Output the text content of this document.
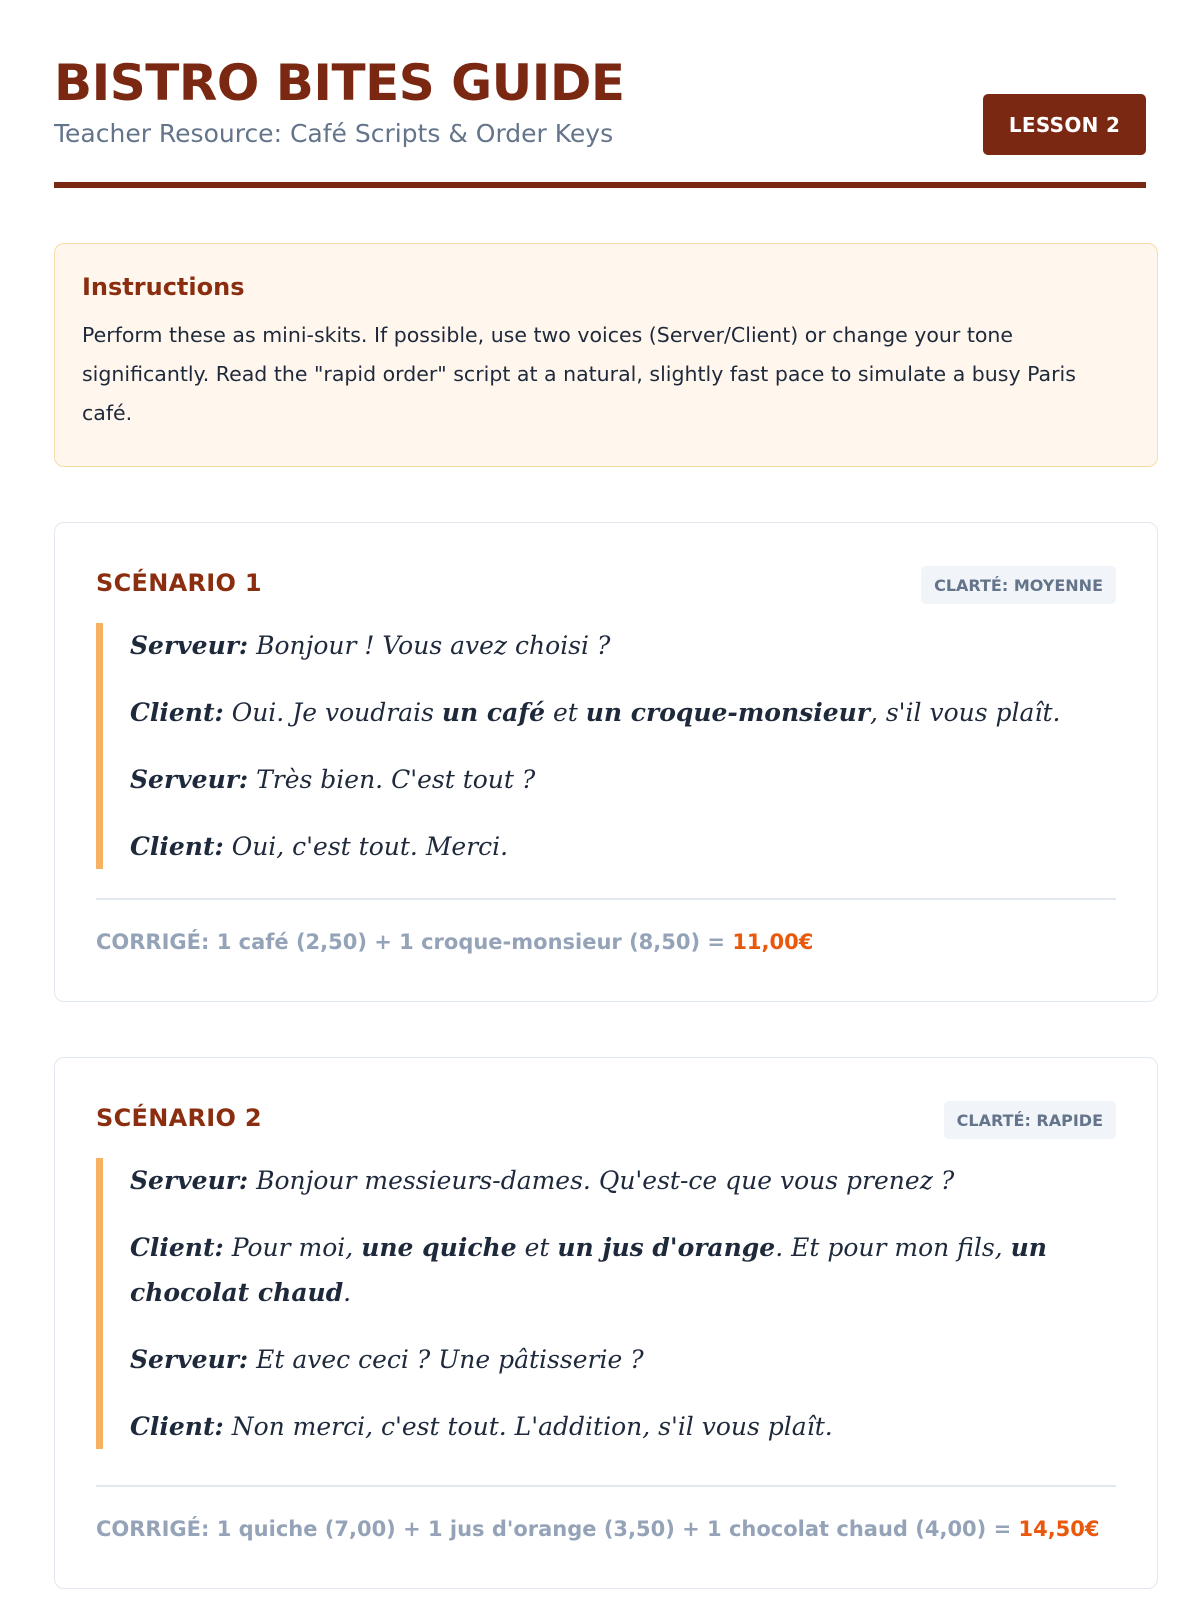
BISTRO BITES GUIDE
Teacher Resource: Café Scripts & Order Keys	LESSON 2
Instructions

Perform these as mini-skits. If possible, use two voices (Server/Client) or change your tone significantly. Read the "rapid order" script at a natural, slightly fast pace to simulate a busy Paris café.

SCÉNARIO 1	CLARTÉ: MOYENNE
Serveur: Bonjour ! Vous avez choisi ?
Client: Oui. Je voudrais un café et un croque-monsieur, s'il vous plaît.
Serveur: Très bien. C'est tout ?
Client: Oui, c'est tout. Merci.
CORRIGÉ: 1 café (2,50) + 1 croque-monsieur (8,50) = 11,00€
SCÉNARIO 2	CLARTÉ: RAPIDE
Serveur: Bonjour messieurs-dames. Qu'est-ce que vous prenez ?
Client: Pour moi, une quiche et un jus d'orange. Et pour mon fils, un chocolat chaud.
Serveur: Et avec ceci ? Une pâtisserie ?
Client: Non merci, c'est tout. L'addition, s'il vous plaît.
CORRIGÉ: 1 quiche (7,00) + 1 jus d'orange (3,50) + 1 chocolat chaud (4,00) = 14,50€
